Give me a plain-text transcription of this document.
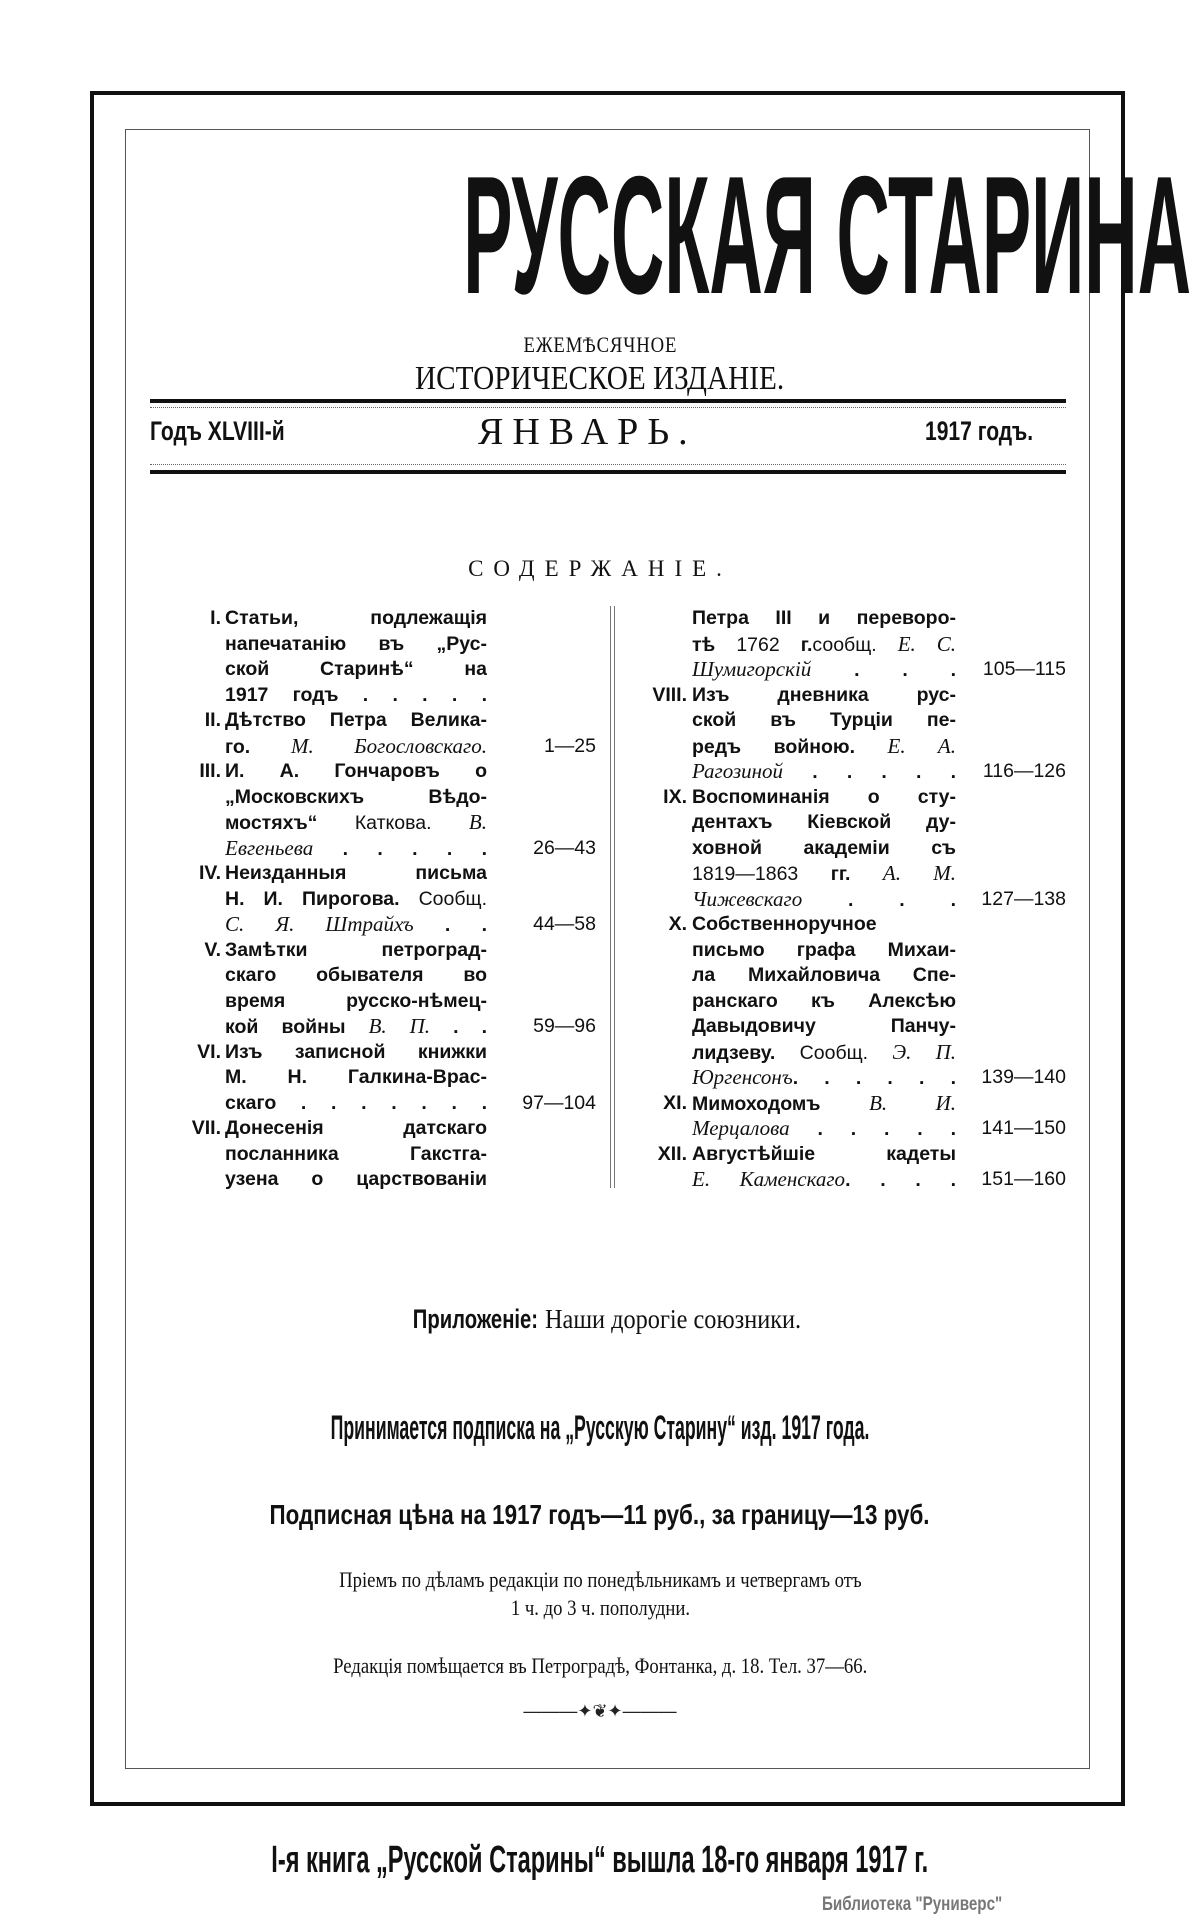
РУССКАЯ СТАРИНА
ЕЖЕМѢСЯЧНОЕ
ИСТОРИЧЕСКОЕ ИЗДАНІЕ.
Годъ XLVIII-й	ЯНВАРЬ.	1917 годъ.
СОДЕРЖАНІЕ.
I. Статьи, подлежащія
напечатанію въ „Рус-
ской Старинѣ“ на
1917 годъ . . . . .
II. Дѣтство Петра Велика-
го. М. Богословскаго.	1—25
III. И. А. Гончаровъ о
„Московскихъ Вѣдо-
мостяхъ“ Каткова. В.
Евгеньева . . . . .	26—43
IV. Неизданныя письма
Н. И. Пирогова. Сообщ.
С. Я. Штрайхъ . .	44—58
V. Замѣтки петроград-
скаго обывателя во
время русско-нѣмец-
кой войны В. П. . .	59—96
VI. Изъ записной книжки
М. Н. Галкина-Врас-
скаго . . . . . . .	97—104
VII. Донесенія датскаго
посланника Гакстга-
узена о царствованіи
Петра III и переворо-
тѣ 1762 г.сообщ. Е. С.
Шумигорскій . . .	105—115
VIII. Изъ дневника рус-
ской въ Турціи пе-
редъ войною. Е. А.
Рагозиной . . . . .	116—126
IX. Воспоминанія о сту-
дентахъ Кіевской ду-
ховной академіи съ
1819—1863 гг. А. М.
Чижевскаго . . .	127—138
X. Собственноручное
письмо графа Михаи-
ла Михайловича Спе-
ранскаго къ Алексѣю
Давыдовичу Панчу-
лидзеву. Сообщ. Э. П.
Юргенсонъ. . . . . .	139—140
XI. Мимоходомъ В. И.
Мерцалова . . . . .	141—150
XII. Августѣйшіе кадеты
Е. Каменскаго. . . .	151—160
Приложеніе: Наши дорогіе союзники.
Принимается подписка на „Русскую Старину“ изд. 1917 года.
Подписная цѣна на 1917 годъ—11 руб., за границу—13 руб.
Пріемъ по дѣламъ редакціи по понедѣльникамъ и четвергамъ отъ
1 ч. до 3 ч. пополудни.
Редакція помѣщается въ Петроградѣ, Фонтанка, д. 18. Тел. 37—66.
———✦❦✦———
І-я книга „Русской Старины“ вышла 18-го января 1917 г.
Библиотека "Руниверс"
